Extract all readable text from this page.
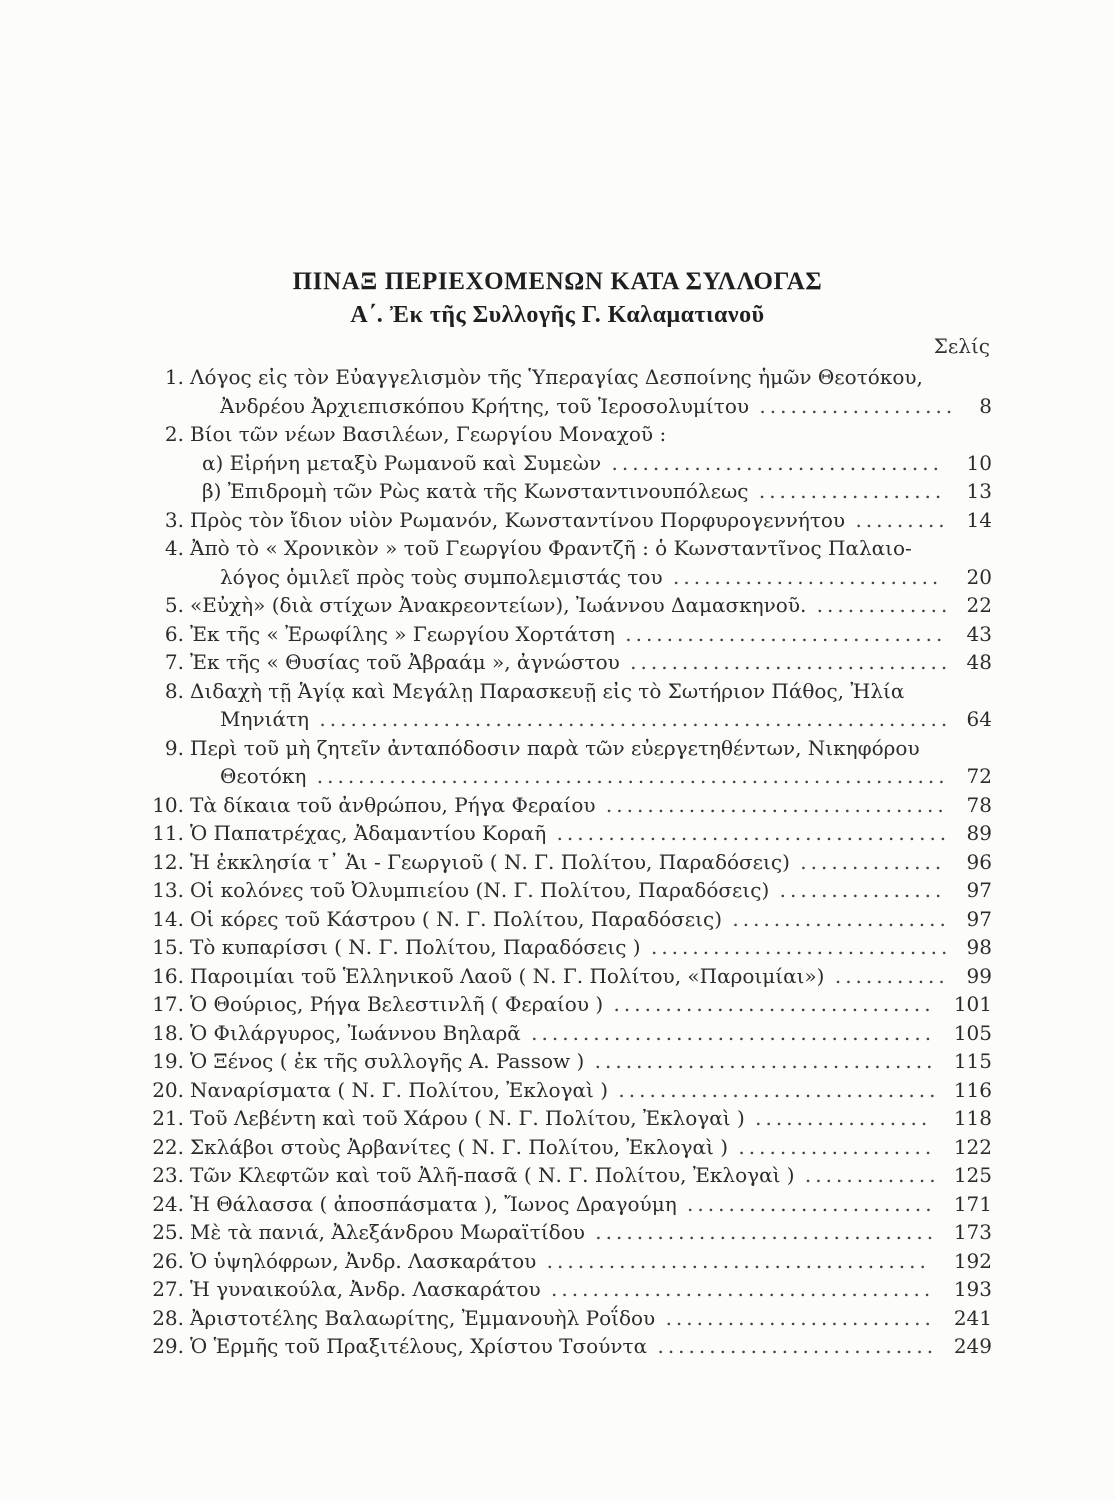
ΠΙΝΑΞ ΠΕΡΙΕΧΟΜΕΝΩΝ ΚΑΤΑ ΣΥΛΛΟΓΑΣ
Α΄. Ἐκ τῆς Συλλογῆς Γ. Καλαματιανοῦ
Σελίς
1. Λόγος εἰς τὸν Εὐαγγελισμὸν τῆς Ὑπεραγίας Δεσποίνης ἡμῶν Θεοτόκου,
Ἀνδρέου Ἀρχιεπισκόπου Κρήτης, τοῦ Ἱεροσολυμίτου ................... 8
2. Βίοι τῶν νέων Βασιλέων, Γεωργίου Μοναχοῦ :
α) Εἰρήνη μεταξὺ Ρωμανοῦ καὶ Συμεὼν ................................ 10
β) Ἐπιδρομὴ τῶν Ρὼς κατὰ τῆς Κωνσταντινουπόλεως .................. 13
3. Πρὸς τὸν ἴδιον υἱὸν Ρωμανόν, Κωνσταντίνου Πορφυρογεννήτου ......... 14
4. Ἀπὸ τὸ « Χρονικὸν » τοῦ Γεωργίου Φραντζῆ : ὁ Κωνσταντῖνος Παλαιο-
λόγος ὁμιλεῖ πρὸς τοὺς συμπολεμιστάς του .......................... 20
5. «Εὐχὴ» (διὰ στίχων Ἀνακρεοντείων), Ἰωάννου Δαμασκηνοῦ. ............. 22
6. Ἐκ τῆς « Ἐρωφίλης » Γεωργίου Χορτάτση ............................... 43
7. Ἐκ τῆς « Θυσίας τοῦ Ἀβραάμ », ἀγνώστου ............................... 48
8. Διδαχὴ τῇ Ἁγίᾳ καὶ Μεγάλῃ Παρασκευῇ εἰς τὸ Σωτήριον Πάθος, Ἠλία
Μηνιάτη ............................................................. 64
9. Περὶ τοῦ μὴ ζητεῖν ἀνταπόδοσιν παρὰ τῶν εὐεργετηθέντων, Νικηφόρου
Θεοτόκη ............................................................. 72
10. Τὰ δίκαια τοῦ ἀνθρώπου, Ρήγα Φεραίου ................................. 78
11. Ὁ Παπατρέχας, Ἀδαμαντίου Κοραῆ ...................................... 89
12. Ἡ ἐκκλησία τ᾿ Ἁι - Γεωργιοῦ ( Ν. Γ. Πολίτου, Παραδόσεις) .............. 96
13. Οἱ κολόνες τοῦ Ὀλυμπιείου (Ν. Γ. Πολίτου, Παραδόσεις) ................ 97
14. Οἱ κόρες τοῦ Κάστρου ( Ν. Γ. Πολίτου, Παραδόσεις) ..................... 97
15. Τὸ κυπαρίσσι ( Ν. Γ. Πολίτου, Παραδόσεις ) ............................. 98
16. Παροιμίαι τοῦ Ἑλληνικοῦ Λαοῦ ( Ν. Γ. Πολίτου, «Παροιμίαι») ........... 99
17. Ὁ Θούριος, Ρήγα Βελεστινλῆ ( Φεραίου ) ............................... 101
18. Ὁ Φιλάργυρος, Ἰωάννου Βηλαρᾶ ....................................... 105
19. Ὁ Ξένος ( ἐκ τῆς συλλογῆς Α. Passow ) ................................. 115
20. Ναναρίσματα ( Ν. Γ. Πολίτου, Ἐκλογαὶ ) ............................... 116
21. Τοῦ Λεβέντη καὶ τοῦ Χάρου ( Ν. Γ. Πολίτου, Ἐκλογαὶ ) ................. 118
22. Σκλάβοι στοὺς Ἀρβανίτες ( Ν. Γ. Πολίτου, Ἐκλογαὶ ) ................... 122
23. Τῶν Κλεφτῶν καὶ τοῦ Ἀλῆ-πασᾶ ( Ν. Γ. Πολίτου, Ἐκλογαὶ ) ............. 125
24. Ἡ Θάλασσα ( ἀποσπάσματα ), Ἴωνος Δραγούμη ........................ 171
25. Μὲ τὰ πανιά, Ἀλεξάνδρου Μωραϊτίδου ................................. 173
26. Ὁ ὑψηλόφρων, Ἀνδρ. Λασκαράτου ..................................... 192
27. Ἡ γυναικούλα, Ἀνδρ. Λασκαράτου ..................................... 193
28. Ἀριστοτέλης Βαλαωρίτης, Ἐμμανουὴλ Ροΐδου .......................... 241
29. Ὁ Ἑρμῆς τοῦ Πραξιτέλους, Χρίστου Τσούντα ........................... 249
